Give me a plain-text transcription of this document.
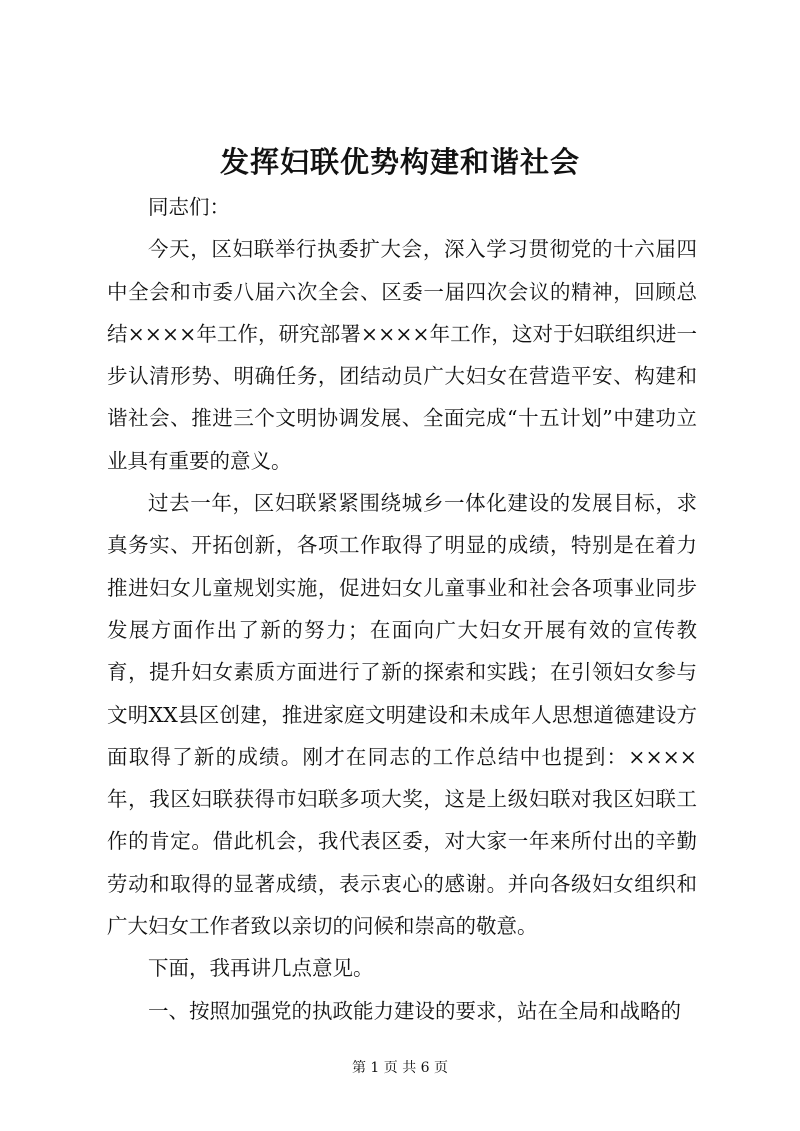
发挥妇联优势构建和谐社会

同志们：

今天，区妇联举行执委扩大会，深入学习贯彻党的十六届四中全会和市委八届六次全会、区委一届四次会议的精神，回顾总结××××年工作，研究部署××××年工作，这对于妇联组织进一步认清形势、明确任务，团结动员广大妇女在营造平安、构建和谐社会、推进三个文明协调发展、全面完成“十五计划”中建功立业具有重要的意义。

过去一年，区妇联紧紧围绕城乡一体化建设的发展目标，求真务实、开拓创新，各项工作取得了明显的成绩，特别是在着力推进妇女儿童规划实施，促进妇女儿童事业和社会各项事业同步发展方面作出了新的努力；在面向广大妇女开展有效的宣传教育，提升妇女素质方面进行了新的探索和实践；在引领妇女参与文明XX县区创建，推进家庭文明建设和未成年人思想道德建设方面取得了新的成绩。刚才在同志的工作总结中也提到：××××年，我区妇联获得市妇联多项大奖，这是上级妇联对我区妇联工作的肯定。借此机会，我代表区委，对大家一年来所付出的辛勤劳动和取得的显著成绩，表示衷心的感谢。并向各级妇女组织和广大妇女工作者致以亲切的问候和崇高的敬意。

下面，我再讲几点意见。

一、按照加强党的执政能力建设的要求，站在全局和战略的

第 1 页 共 6 页
